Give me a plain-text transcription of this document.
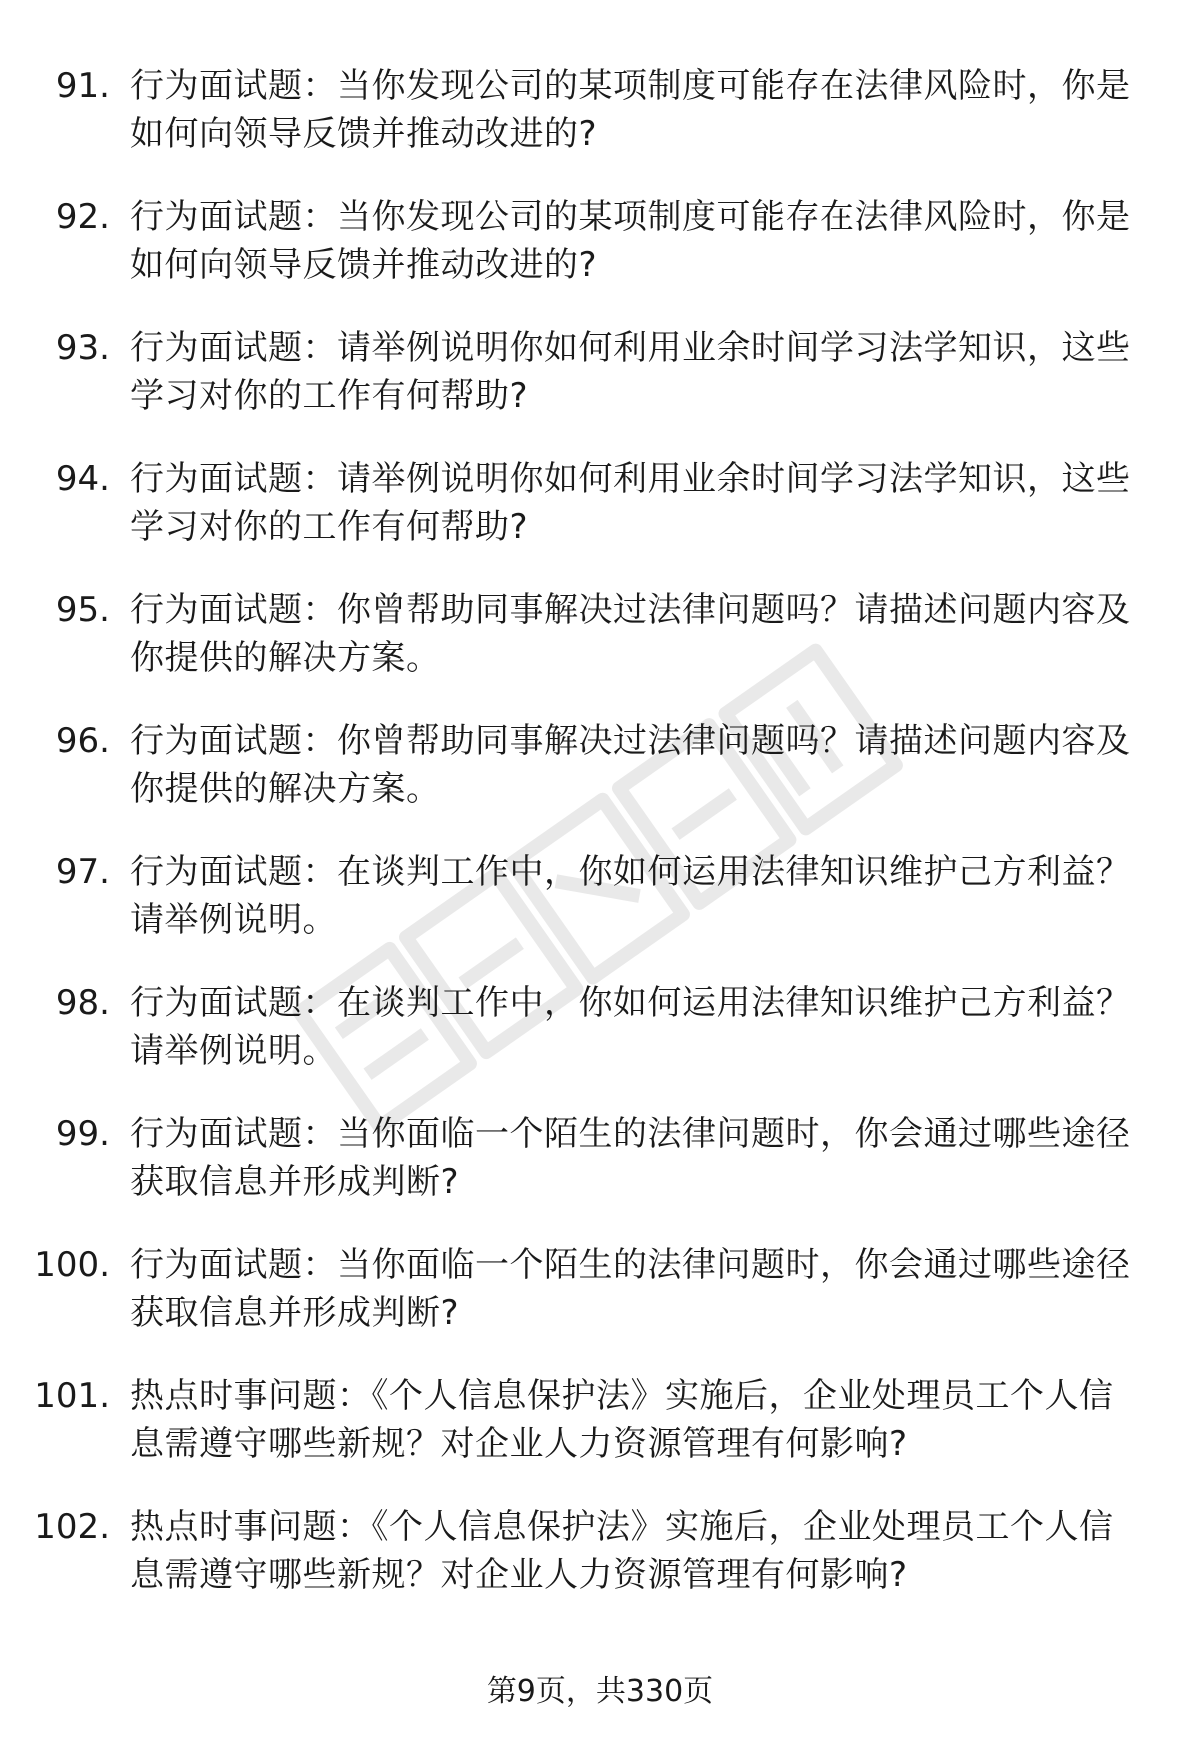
91. 行为面试题：当你发现公司的某项制度可能存在法律风险时，你是如何向领导反馈并推动改进的?
92. 行为面试题：当你发现公司的某项制度可能存在法律风险时，你是如何向领导反馈并推动改进的?
93. 行为面试题：请举例说明你如何利用业余时间学习法学知识，这些学习对你的工作有何帮助?
94. 行为面试题：请举例说明你如何利用业余时间学习法学知识，这些学习对你的工作有何帮助?
95. 行为面试题：你曾帮助同事解决过法律问题吗？请描述问题内容及你提供的解决方案。
96. 行为面试题：你曾帮助同事解决过法律问题吗？请描述问题内容及你提供的解决方案。
97. 行为面试题：在谈判工作中，你如何运用法律知识维护己方利益？请举例说明。
98. 行为面试题：在谈判工作中，你如何运用法律知识维护己方利益？请举例说明。
99. 行为面试题：当你面临一个陌生的法律问题时，你会通过哪些途径获取信息并形成判断?
100. 行为面试题：当你面临一个陌生的法律问题时，你会通过哪些途径获取信息并形成判断?
101. 热点时事问题：《个人信息保护法》实施后，企业处理员工个人信息需遵守哪些新规？对企业人力资源管理有何影响?
102. 热点时事问题：《个人信息保护法》实施后，企业处理员工个人信息需遵守哪些新规？对企业人力资源管理有何影响?
第9页，共330页
